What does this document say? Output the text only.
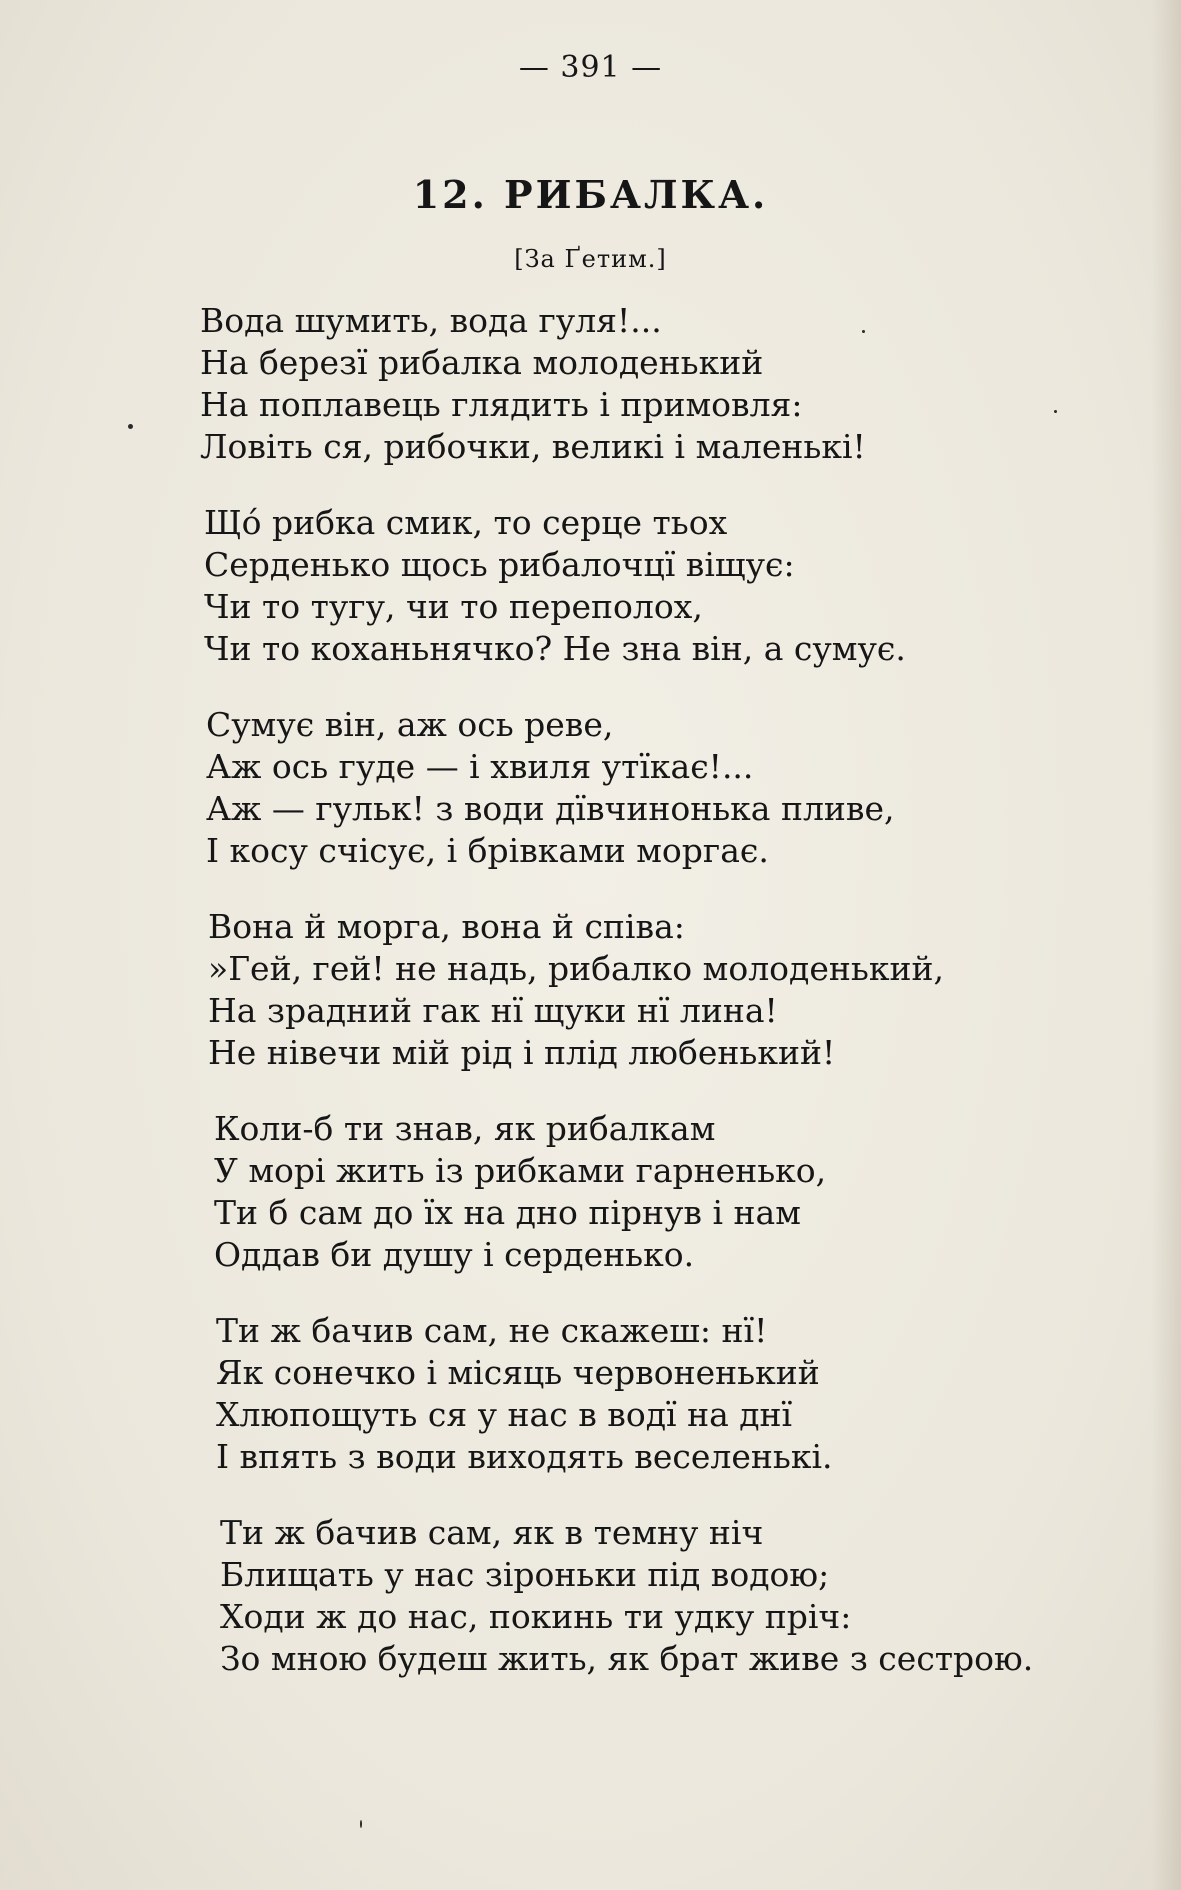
— 391 —
12. РИБАЛКА.
[За Ґетим.]
Вода шумить, вода гуля!...
На березї рибалка молоденький
На поплавець глядить і примовля:
Ловіть ся, рибочки, великі і маленькі!
Щó рибка смик, то серце тьох
Серденько щось рибалочцї віщує:
Чи то тугу, чи то переполох,
Чи то коханьнячко? Не зна він, а сумує.
Сумує він, аж ось реве,
Аж ось гуде — і хвиля утїкає!...
Аж — гульк! з води дївчинонька пливе,
І косу счісує, і брівками моргає.
Вона й морга, вона й співа:
»Гей, гей! не надь, рибалко молоденький,
На зрадний гак нї щуки нї лина!
Не нівечи мій рід і плід любенький!
Коли-б ти знав, як рибалкам
У морі жить із рибками гарненько,
Ти б сам до їх на дно пірнув і нам
Оддав би душу і серденько.
Ти ж бачив сам, не скажеш: нї!
Як сонечко і місяць червоненький
Хлюпощуть ся у нас в водї на днї
І впять з води виходять веселенькі.
Ти ж бачив сам, як в темну ніч
Блищать у нас зіроньки під водою;
Ходи ж до нас, покинь ти удку пріч:
Зо мною будеш жить, як брат живе з сестрою.
